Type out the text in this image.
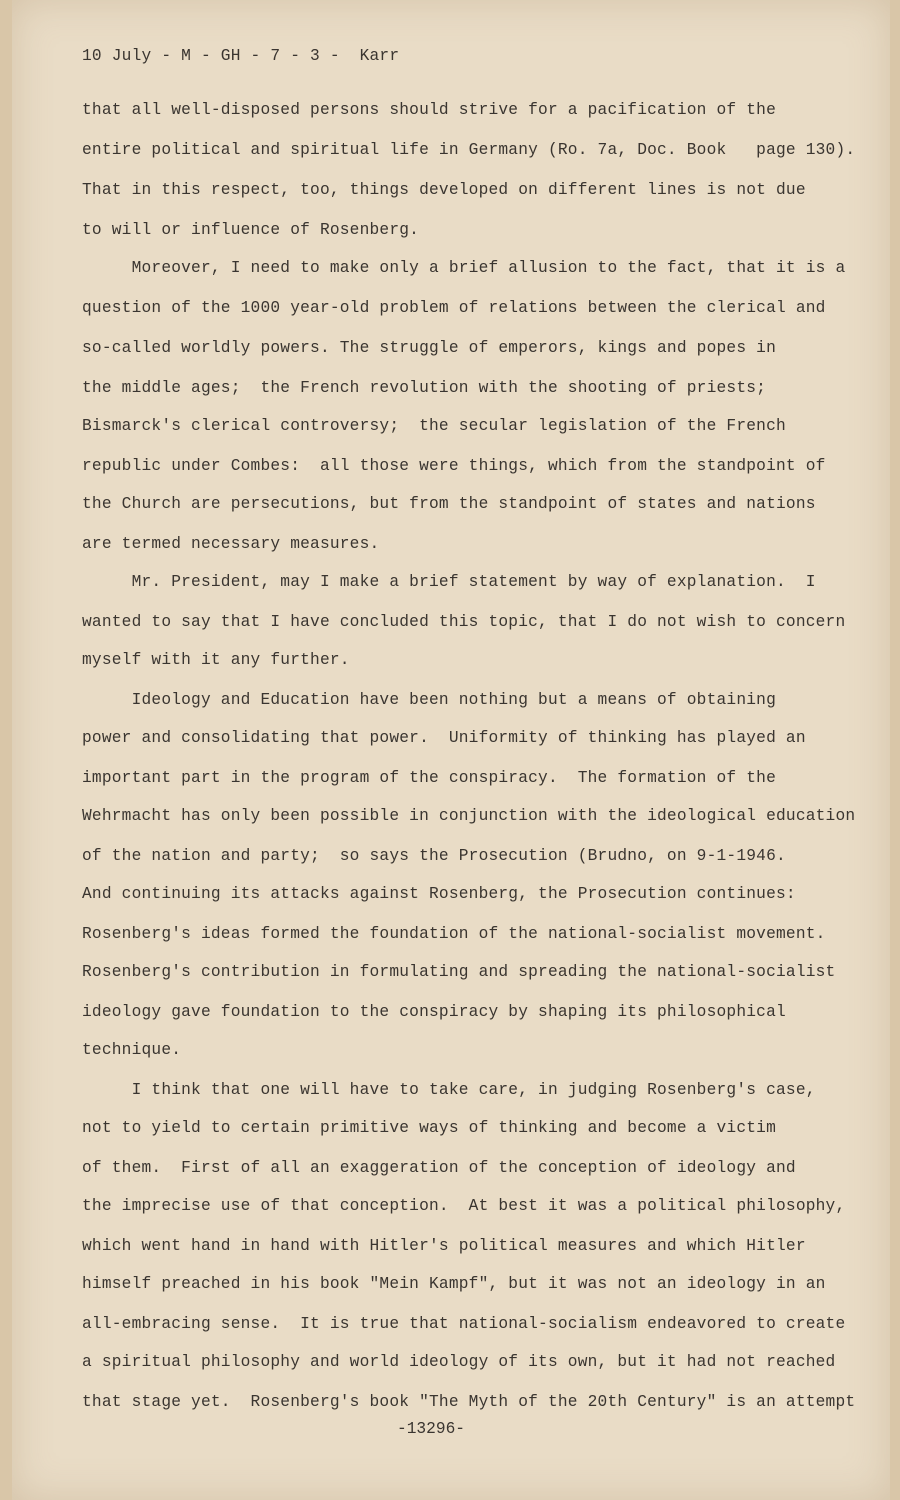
10 July - M - GH - 7 - 3 -  Karr
that all well-disposed persons should strive for a pacification of the
entire political and spiritual life in Germany (Ro. 7a, Doc. Book   page 130).
That in this respect, too, things developed on different lines is not due
to will or influence of Rosenberg.
Moreover, I need to make only a brief allusion to the fact, that it is a
question of the 1000 year-old problem of relations between the clerical and
so-called worldly powers. The struggle of emperors, kings and popes in
the middle ages;  the French revolution with the shooting of priests;
Bismarck's clerical controversy;  the secular legislation of the French
republic under Combes:  all those were things, which from the standpoint of
the Church are persecutions, but from the standpoint of states and nations
are termed necessary measures.
Mr. President, may I make a brief statement by way of explanation.  I
wanted to say that I have concluded this topic, that I do not wish to concern
myself with it any further.
Ideology and Education have been nothing but a means of obtaining
power and consolidating that power.  Uniformity of thinking has played an
important part in the program of the conspiracy.  The formation of the
Wehrmacht has only been possible in conjunction with the ideological education
of the nation and party;  so says the Prosecution (Brudno, on 9-1-1946.
And continuing its attacks against Rosenberg, the Prosecution continues:
Rosenberg's ideas formed the foundation of the national-socialist movement.
Rosenberg's contribution in formulating and spreading the national-socialist
ideology gave foundation to the conspiracy by shaping its philosophical
technique.
I think that one will have to take care, in judging Rosenberg's case,
not to yield to certain primitive ways of thinking and become a victim
of them.  First of all an exaggeration of the conception of ideology and
the imprecise use of that conception.  At best it was a political philosophy,
which went hand in hand with Hitler's political measures and which Hitler
himself preached in his book "Mein Kampf", but it was not an ideology in an
all-embracing sense.  It is true that national-socialism endeavored to create
a spiritual philosophy and world ideology of its own, but it had not reached
that stage yet.  Rosenberg's book "The Myth of the 20th Century" is an attempt
-13296-
